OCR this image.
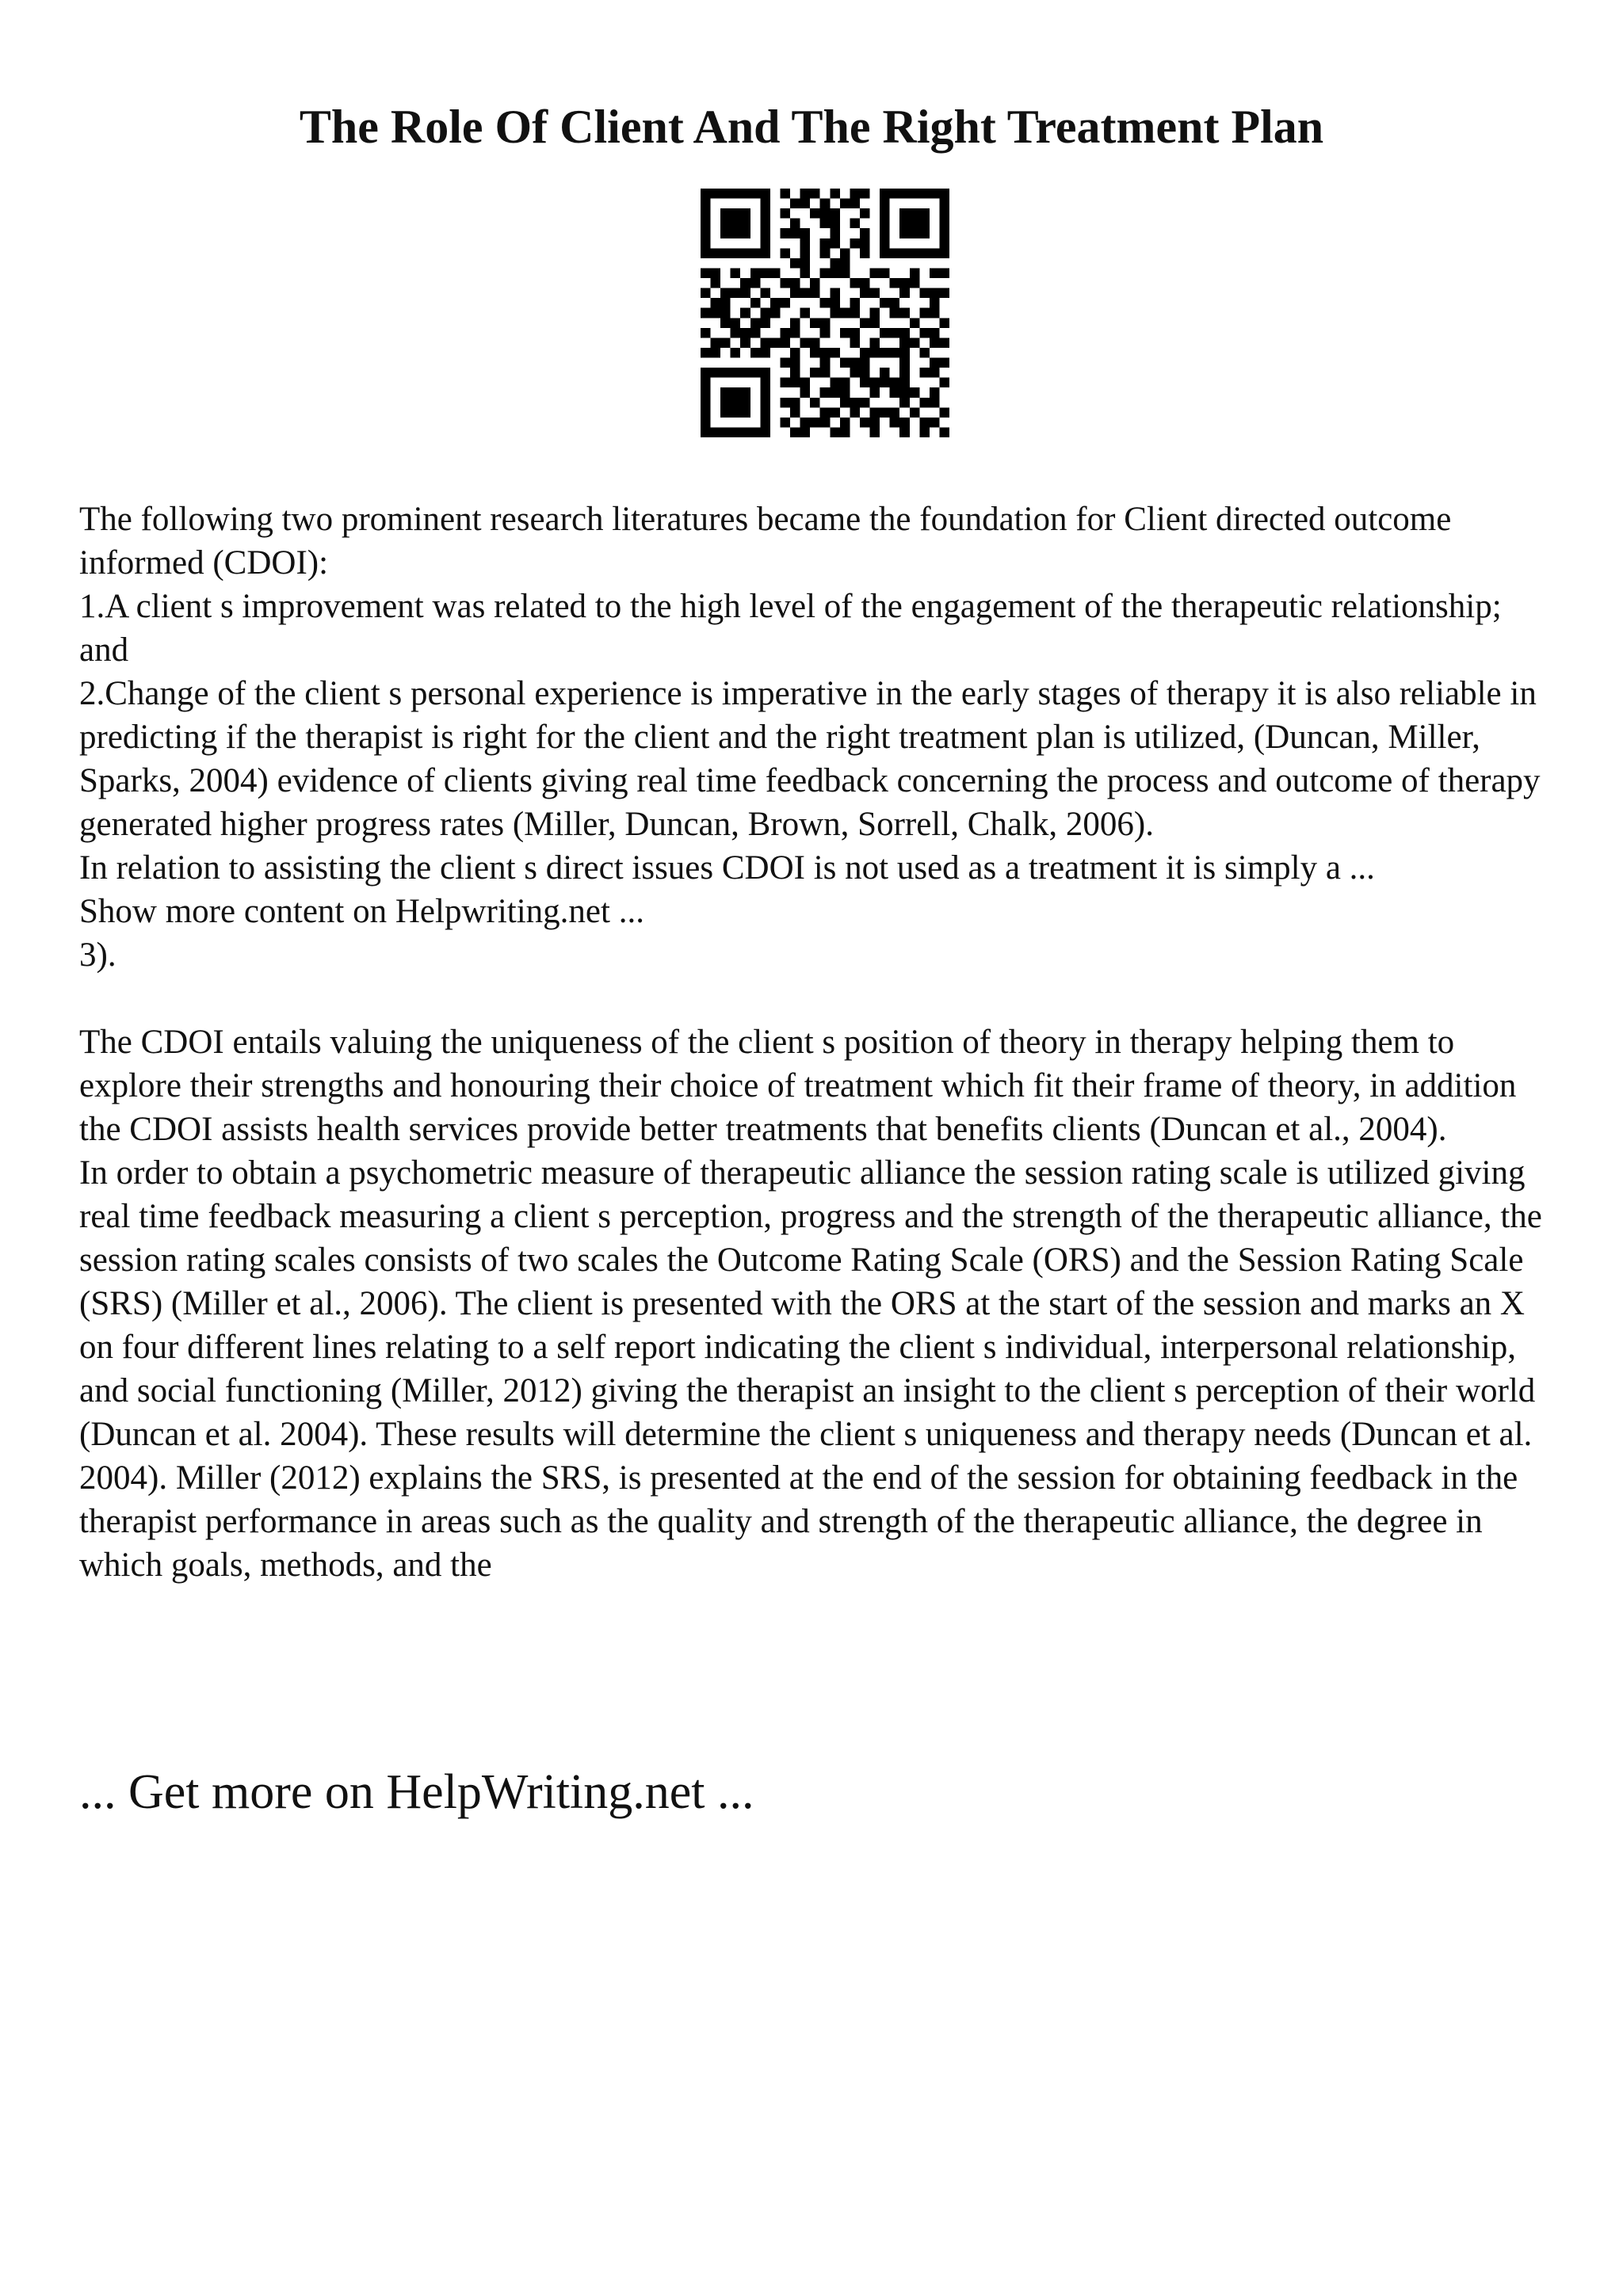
The Role Of Client And The Right Treatment Plan

The following two prominent research literatures became the foundation for Client directed outcome informed (CDOI):

1.A client s improvement was related to the high level of the engagement of the therapeutic relationship; and

2.Change of the client s personal experience is imperative in the early stages of therapy it is also reliable in predicting if the therapist is right for the client and the right treatment plan is utilized, (Duncan, Miller, Sparks, 2004) evidence of clients giving real time feedback concerning the process and outcome of therapy generated higher progress rates (Miller, Duncan, Brown, Sorrell, Chalk, 2006).

In relation to assisting the client s direct issues CDOI is not used as a treatment it is simply a ...

Show more content on Helpwriting.net ...

3).

The CDOI entails valuing the uniqueness of the client s position of theory in therapy helping them to explore their strengths and honouring their choice of treatment which fit their frame of theory, in addition the CDOI assists health services provide better treatments that benefits clients (Duncan et al., 2004).

In order to obtain a psychometric measure of therapeutic alliance the session rating scale is utilized giving real time feedback measuring a client s perception, progress and the strength of the therapeutic alliance, the session rating scales consists of two scales the Outcome Rating Scale (ORS) and the Session Rating Scale (SRS) (Miller et al., 2006). The client is presented with the ORS at the start of the session and marks an X on four different lines relating to a self report indicating the client s individual, interpersonal relationship, and social functioning (Miller, 2012) giving the therapist an insight to the client s perception of their world (Duncan et al. 2004). These results will determine the client s uniqueness and therapy needs (Duncan et al. 2004). Miller (2012) explains the SRS, is presented at the end of the session for obtaining feedback in the therapist performance in areas such as the quality and strength of the therapeutic alliance, the degree in which goals, methods, and the

... Get more on HelpWriting.net ...
